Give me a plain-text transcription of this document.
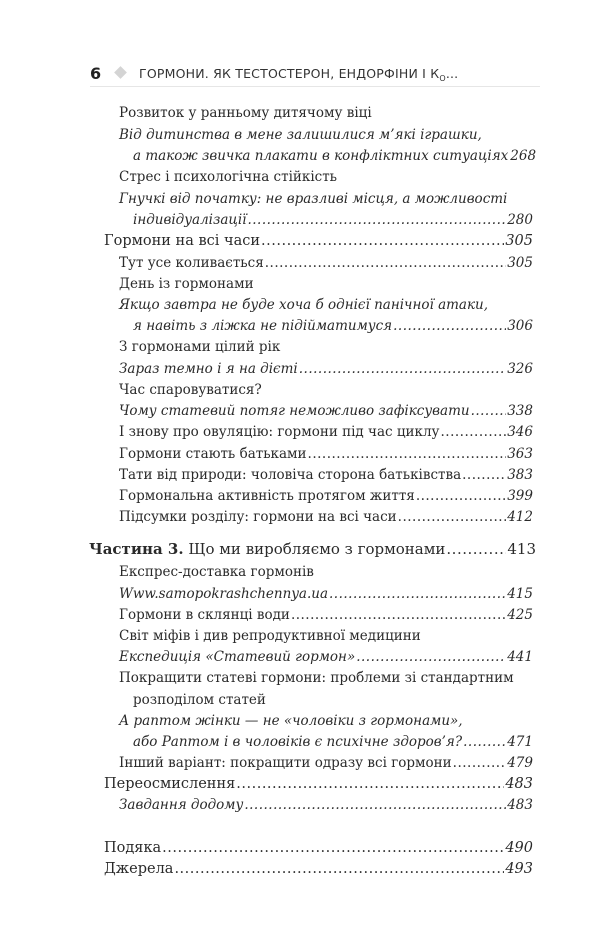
6	ГОРМОНИ. ЯК ТЕСТОСТЕРОН, ЕНДОРФІНИ І $К_О$...
Розвиток у ранньому дитячому віці
Від дитинства в мене залишилися м’які іграшки,
а також звичка плакати в конфліктних ситуаціях 268
Стрес і психологічна стійкість
Гнучкі від початку: не вразливі місця, а можливості
індивідуалізації .....	280
Гормони на всі часи .....	305
Тут усе коливається .....	305
День із гормонами
Якщо завтра не буде хоча б однієї панічної атаки,
я навіть з ліжка не підійматимуся .....	306
З гормонами цілий рік
Зараз темно і я на дієті .....	326
Час спаровуватися?
Чому статевий потяг неможливо зафіксувати .....	338
І знову про овуляцію: гормони під час циклу .....	346
Гормони стають батьками .....	363
Тати від природи: чоловіча сторона батьківства .....	383
Гормональна активність протягом життя .....	399
Підсумки розділу: гормони на всі часи .....	412
Частина 3. Що ми виробляємо з гормонами .....	413
Експрес-доставка гормонів
Www.samopokrashchennya.ua .....	415
Гормони в склянці води .....	425
Світ міфів і див репродуктивної медицини
Експедиція «Статевий гормон» .....	441
Покращити статеві гормони: проблеми зі стандартним
розподілом статей
А раптом жінки — не «чоловіки з гормонами»,
або Раптом і в чоловіків є психічне здоров’я? .....	471
Інший варіант: покращити одразу всі гормони .....	479
Переосмислення .....	483
Завдання додому .....	483
Подяка .....	490
Джерела .....	493
